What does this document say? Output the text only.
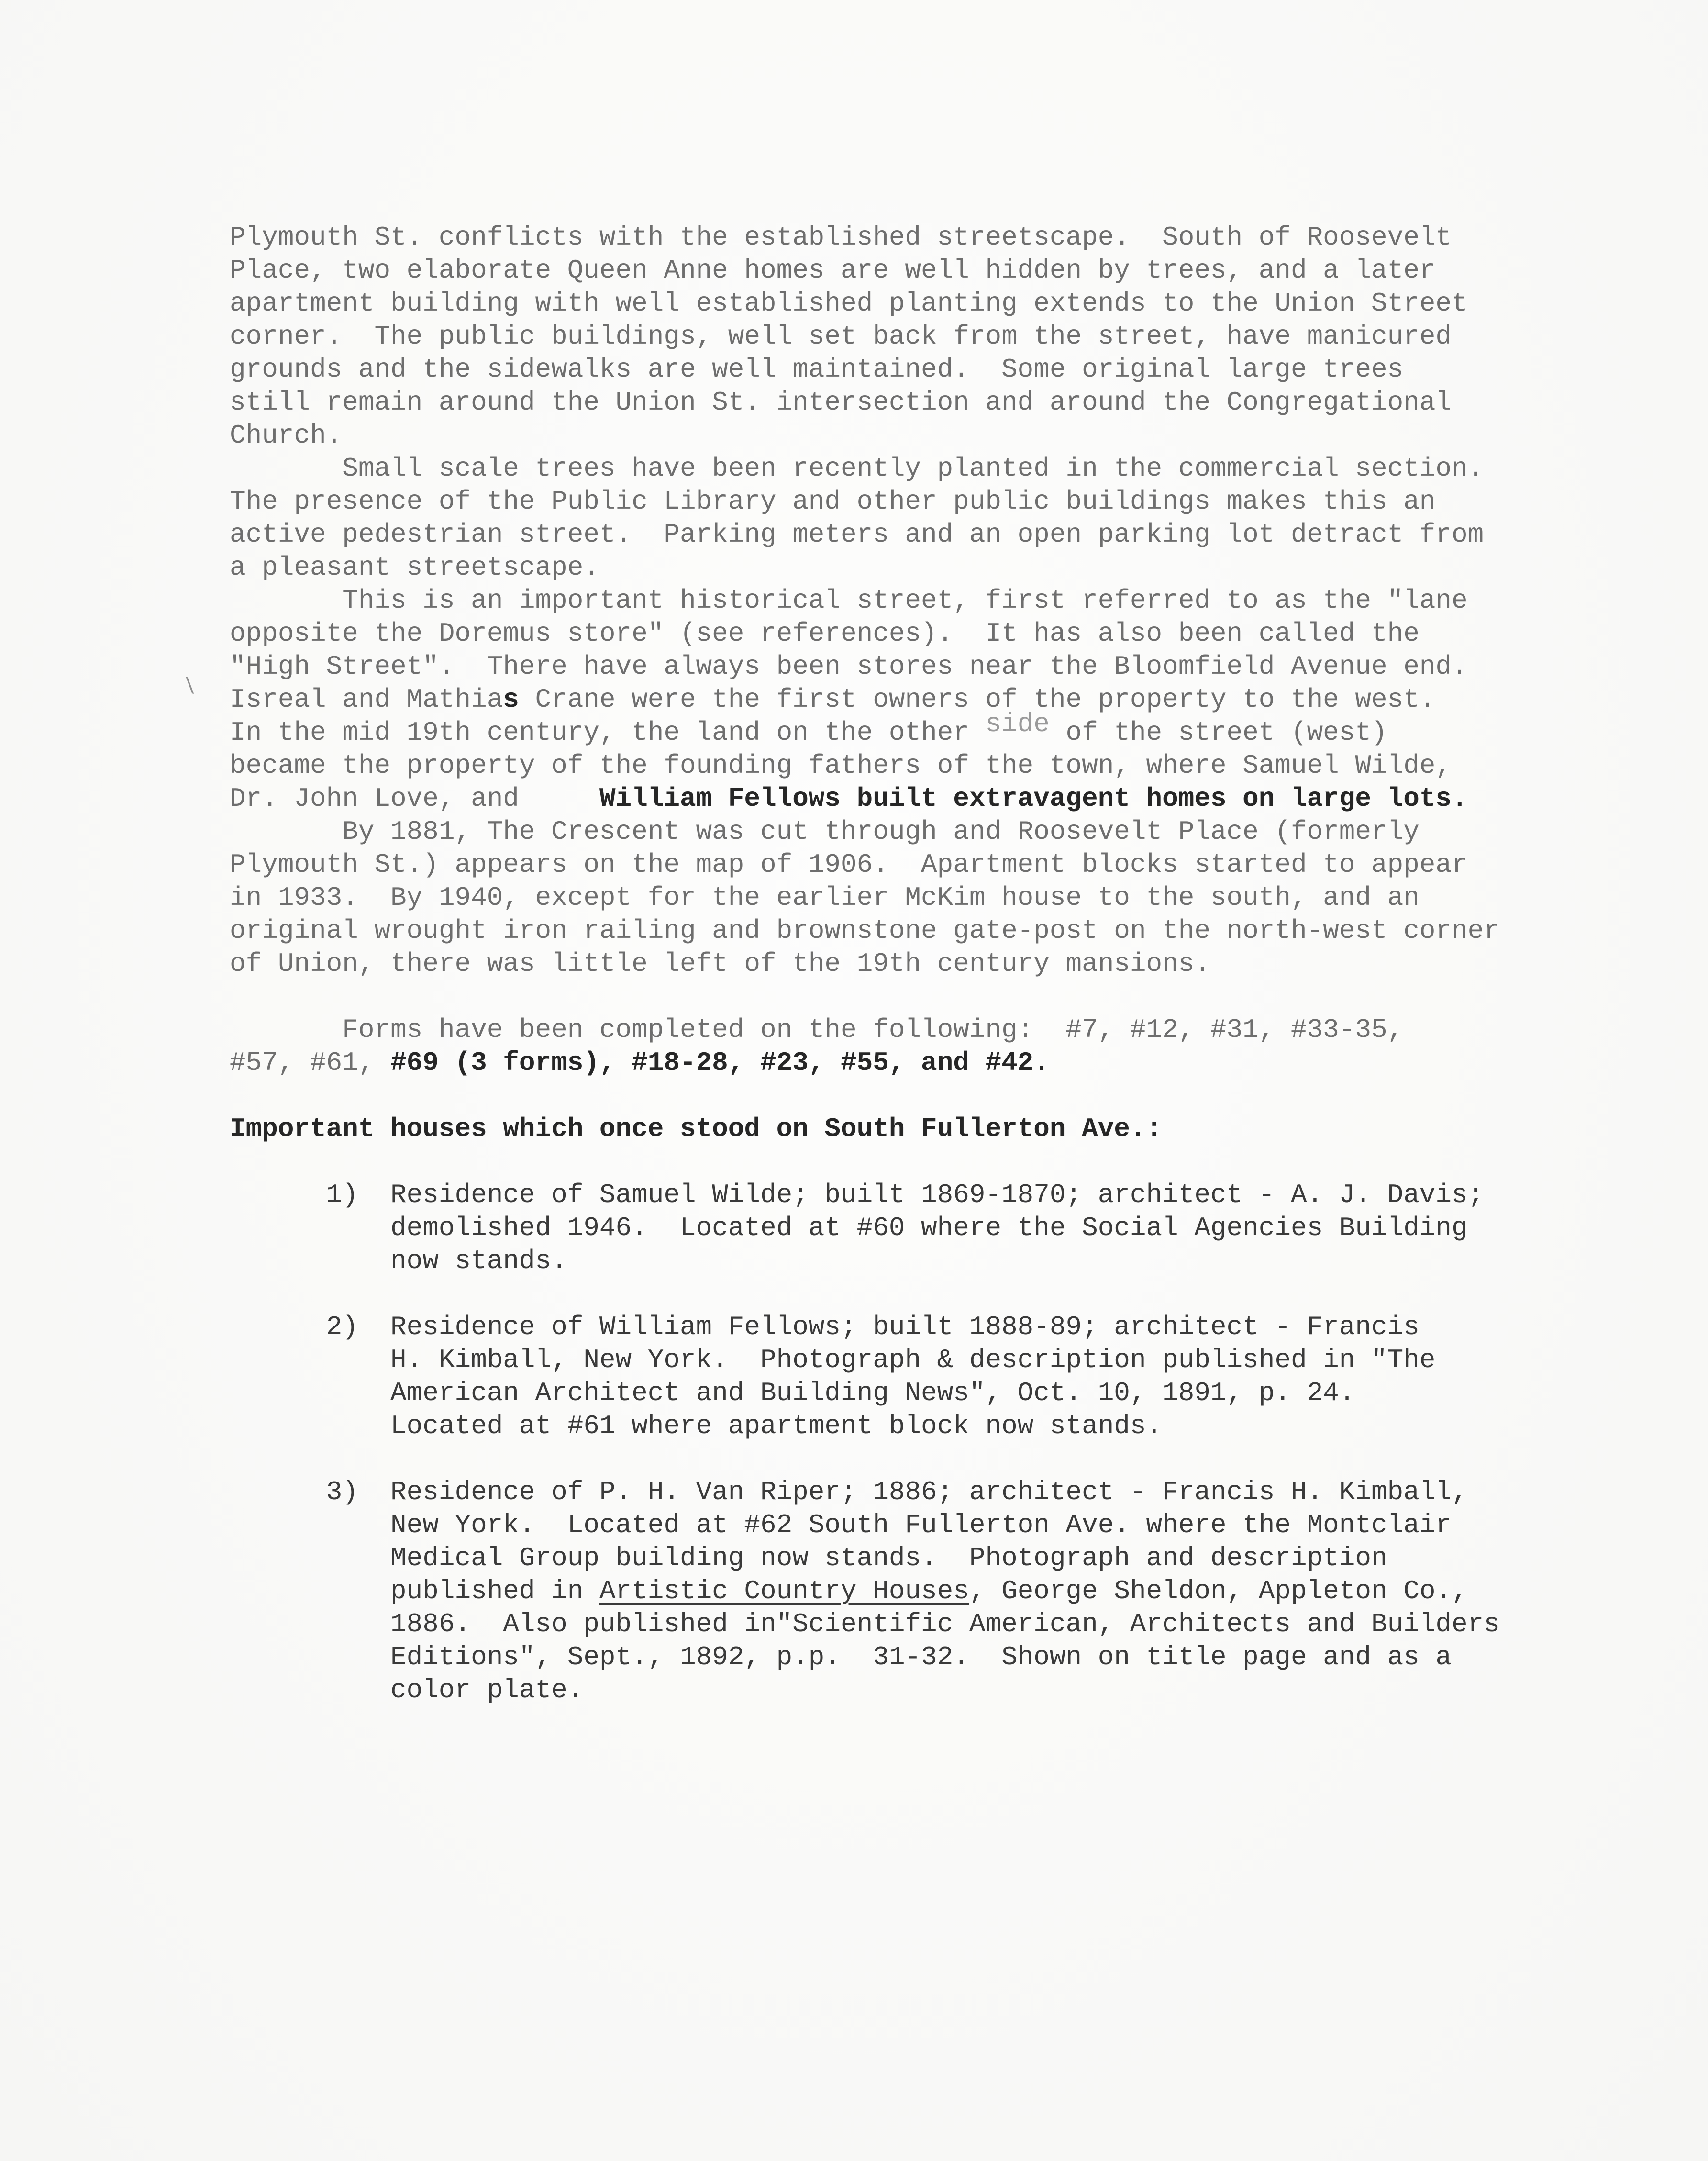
\
Plymouth St. conflicts with the established streetscape.  South of Roosevelt
Place, two elaborate Queen Anne homes are well hidden by trees, and a later
apartment building with well established planting extends to the Union Street
corner.  The public buildings, well set back from the street, have manicured
grounds and the sidewalks are well maintained.  Some original large trees
still remain around the Union St. intersection and around the Congregational
Church.
Small scale trees have been recently planted in the commercial section.
The presence of the Public Library and other public buildings makes this an
active pedestrian street.  Parking meters and an open parking lot detract from
a pleasant streetscape.
This is an important historical street, first referred to as the "lane
opposite the Doremus store" (see references).  It has also been called the
"High Street".  There have always been stores near the Bloomfield Avenue end.
Isreal and Mathias Crane were the first owners of the property to the west.
In the mid 19th century, the land on the other side of the street (west)
became the property of the founding fathers of the town, where Samuel Wilde,
Dr. John Love, and     William Fellows built extravagent homes on large lots.
By 1881, The Crescent was cut through and Roosevelt Place (formerly
Plymouth St.) appears on the map of 1906.  Apartment blocks started to appear
in 1933.  By 1940, except for the earlier McKim house to the south, and an
original wrought iron railing and brownstone gate-post on the north-west corner
of Union, there was little left of the 19th century mansions.
Forms have been completed on the following:  #7, #12, #31, #33-35,
#57, #61, #69 (3 forms), #18-28, #23, #55, and #42.
Important houses which once stood on South Fullerton Ave.:
1)  Residence of Samuel Wilde; built 1869-1870; architect - A. J. Davis;
demolished 1946.  Located at #60 where the Social Agencies Building
now stands.
2)  Residence of William Fellows; built 1888-89; architect - Francis
H. Kimball, New York.  Photograph & description published in "The
American Architect and Building News", Oct. 10, 1891, p. 24.
Located at #61 where apartment block now stands.
3)  Residence of P. H. Van Riper; 1886; architect - Francis H. Kimball,
New York.  Located at #62 South Fullerton Ave. where the Montclair
Medical Group building now stands.  Photograph and description
published in Artistic Country Houses, George Sheldon, Appleton Co.,
1886.  Also published in"Scientific American, Architects and Builders
Editions", Sept., 1892, p.p.  31-32.  Shown on title page and as a
color plate.
